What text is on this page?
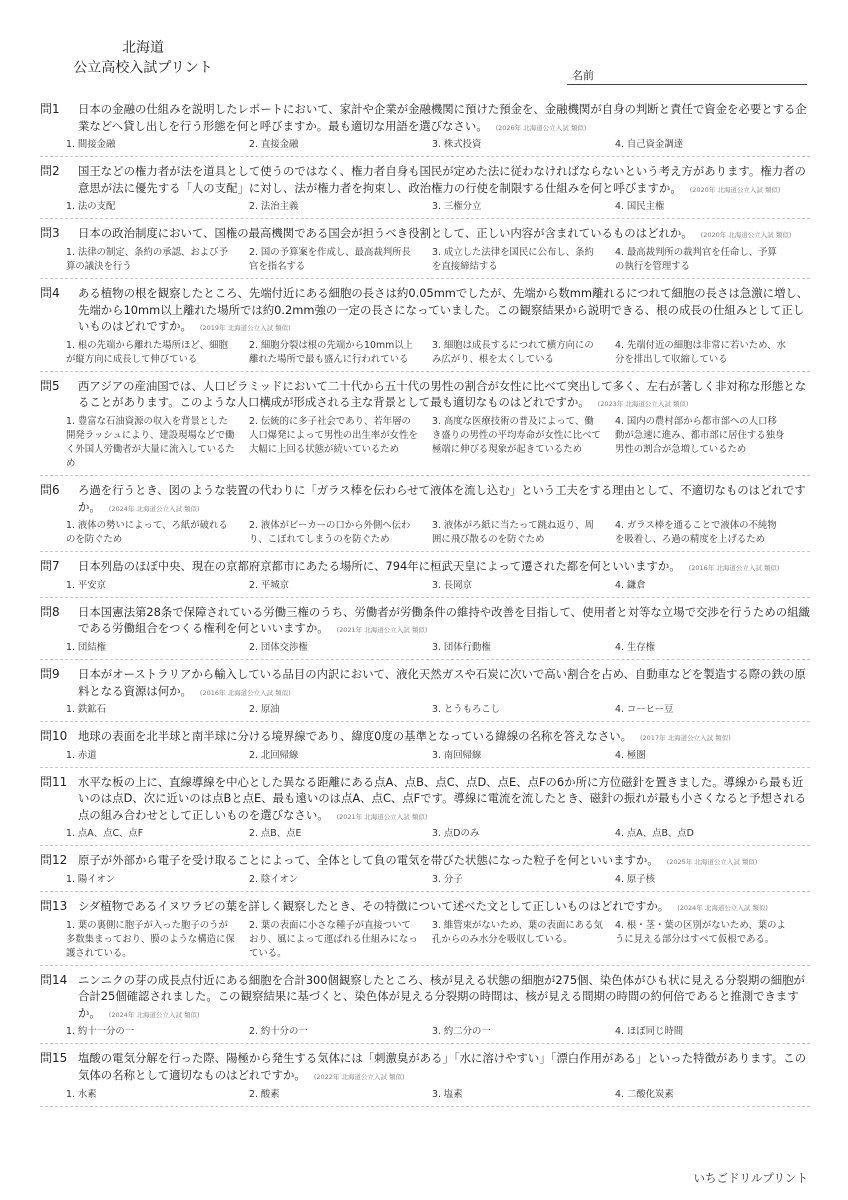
北海道
公立高校入試プリント	名前
問1	日本の金融の仕組みを説明したレポートにおいて、家計や企業が金融機関に預けた預金を、金融機関が自身の判断と責任で資金を必要とする企業などへ貸し出しを行う形態を何と呼びますか。最も適切な用語を選びなさい。 (2026年 北海道公立入試 類似)
1. 間接金融	2. 直接金融	3. 株式投資	4. 自己資金調達
問2	国王などの権力者が法を道具として使うのではなく、権力者自身も国民が定めた法に従わなければならないという考え方があります。権力者の意思が法に優先する「人の支配」に対し、法が権力者を拘束し、政治権力の行使を制限する仕組みを何と呼びますか。 (2020年 北海道公立入試 類似)
1. 法の支配	2. 法治主義	3. 三権分立	4. 国民主権
問3	日本の政治制度において、国権の最高機関である国会が担うべき役割として、正しい内容が含まれているものはどれか。 (2020年 北海道公立入試 類似)
1. 法律の制定、条約の承認、および予算の議決を行う
2. 国の予算案を作成し、最高裁判所長官を指名する
3. 成立した法律を国民に公布し、条約を直接締結する
4. 最高裁判所の裁判官を任命し、予算の執行を管理する
問4	ある植物の根を観察したところ、先端付近にある細胞の長さは約0.05mmでしたが、先端から数mm離れるにつれて細胞の長さは急激に増し、先端から10mm以上離れた場所では約0.2mm強の一定の長さになっていました。この観察結果から説明できる、根の成長の仕組みとして正しいものはどれですか。 (2019年 北海道公立入試 類似)
1. 根の先端から離れた場所ほど、細胞が縦方向に成長して伸びている
2. 細胞分裂は根の先端から10mm以上離れた場所で最も盛んに行われている
3. 細胞は成長するにつれて横方向にのみ広がり、根を太くしている
4. 先端付近の細胞は非常に若いため、水分を排出して収縮している
問5	西アジアの産油国では、人口ピラミッドにおいて二十代から五十代の男性の割合が女性に比べて突出して多く、左右が著しく非対称な形態となることがあります。このような人口構成が形成される主な背景として最も適切なものはどれですか。 (2023年 北海道公立入試 類似)
1. 豊富な石油資源の収入を背景とした開発ラッシュにより、建設現場などで働く外国人労働者が大量に流入しているため
2. 伝統的に多子社会であり、若年層の人口爆発によって男性の出生率が女性を大幅に上回る状態が続いているため
3. 高度な医療技術の普及によって、働き盛りの男性の平均寿命が女性に比べて極端に伸びる現象が起きているため
4. 国内の農村部から都市部への人口移動が急速に進み、都市部に居住する独身男性の割合が急増しているため
問6	ろ過を行うとき、図のような装置の代わりに「ガラス棒を伝わらせて液体を流し込む」という工夫をする理由として、不適切なものはどれですか。 (2024年 北海道公立入試 類似)
1. 液体の勢いによって、ろ紙が破れるのを防ぐため
2. 液体がビーカーの口から外側へ伝わり、こぼれてしまうのを防ぐため
3. 液体がろ紙に当たって跳ね返り、周囲に飛び散るのを防ぐため
4. ガラス棒を通ることで液体の不純物を吸着し、ろ過の精度を上げるため
問7	日本列島のほぼ中央、現在の京都府京都市にあたる場所に、794年に桓武天皇によって遷された都を何といいますか。 (2016年 北海道公立入試 類似)
1. 平安京	2. 平城京	3. 長岡京	4. 鎌倉
問8	日本国憲法第28条で保障されている労働三権のうち、労働者が労働条件の維持や改善を目指して、使用者と対等な立場で交渉を行うための組織である労働組合をつくる権利を何といいますか。 (2021年 北海道公立入試 類似)
1. 団結権	2. 団体交渉権	3. 団体行動権	4. 生存権
問9	日本がオーストラリアから輸入している品目の内訳において、液化天然ガスや石炭に次いで高い割合を占め、自動車などを製造する際の鉄の原料となる資源は何か。 (2016年 北海道公立入試 類似)
1. 鉄鉱石	2. 原油	3. とうもろこし	4. コーヒー豆
問10 地球の表面を北半球と南半球に分ける境界線であり、緯度0度の基準となっている緯線の名称を答えなさい。 (2017年 北海道公立入試 類似)
1. 赤道	2. 北回帰線	3. 南回帰線	4. 極圏
問11 水平な板の上に、直線導線を中心とした異なる距離にある点A、点B、点C、点D、点E、点Fの6か所に方位磁針を置きました。導線から最も近いのは点D、次に近いのは点Bと点E、最も遠いのは点A、点C、点Fです。導線に電流を流したとき、磁針の振れが最も小さくなると予想される点の組み合わせとして正しいものを選びなさい。 (2021年 北海道公立入試 類似)
1. 点A、点C、点F	2. 点B、点E	3. 点Dのみ	4. 点A、点B、点D
問12 原子が外部から電子を受け取ることによって、全体として負の電気を帯びた状態になった粒子を何といいますか。 (2025年 北海道公立入試 類似)
1. 陽イオン	2. 陰イオン	3. 分子	4. 原子核
問13 シダ植物であるイヌワラビの葉を詳しく観察したとき、その特徴について述べた文として正しいものはどれですか。 (2024年 北海道公立入試 類似)
1. 葉の裏側に胞子が入った胞子のうが多数集まっており、膜のような構造に保護されている。
2. 葉の表面に小さな種子が直接ついており、風によって運ばれる仕組みになっている。
3. 維管束がないため、葉の表面にある気孔からのみ水分を吸収している。
4. 根・茎・葉の区別がないため、葉のように見える部分はすべて仮根である。
問14 ニンニクの芽の成長点付近にある細胞を合計300個観察したところ、核が見える状態の細胞が275個、染色体がひも状に見える分裂期の細胞が合計25個確認されました。この観察結果に基づくと、染色体が見える分裂期の時間は、核が見える間期の時間の約何倍であると推測できますか。 (2024年 北海道公立入試 類似)
1. 約十一分の一	2. 約十分の一	3. 約二分の一	4. ほぼ同じ時間
問15 塩酸の電気分解を行った際、陽極から発生する気体には「刺激臭がある」「水に溶けやすい」「漂白作用がある」といった特徴があります。この気体の名称として適切なものはどれですか。 (2022年 北海道公立入試 類似)
1. 水素	2. 酸素	3. 塩素	4. 二酸化炭素
いちごドリルプリント
